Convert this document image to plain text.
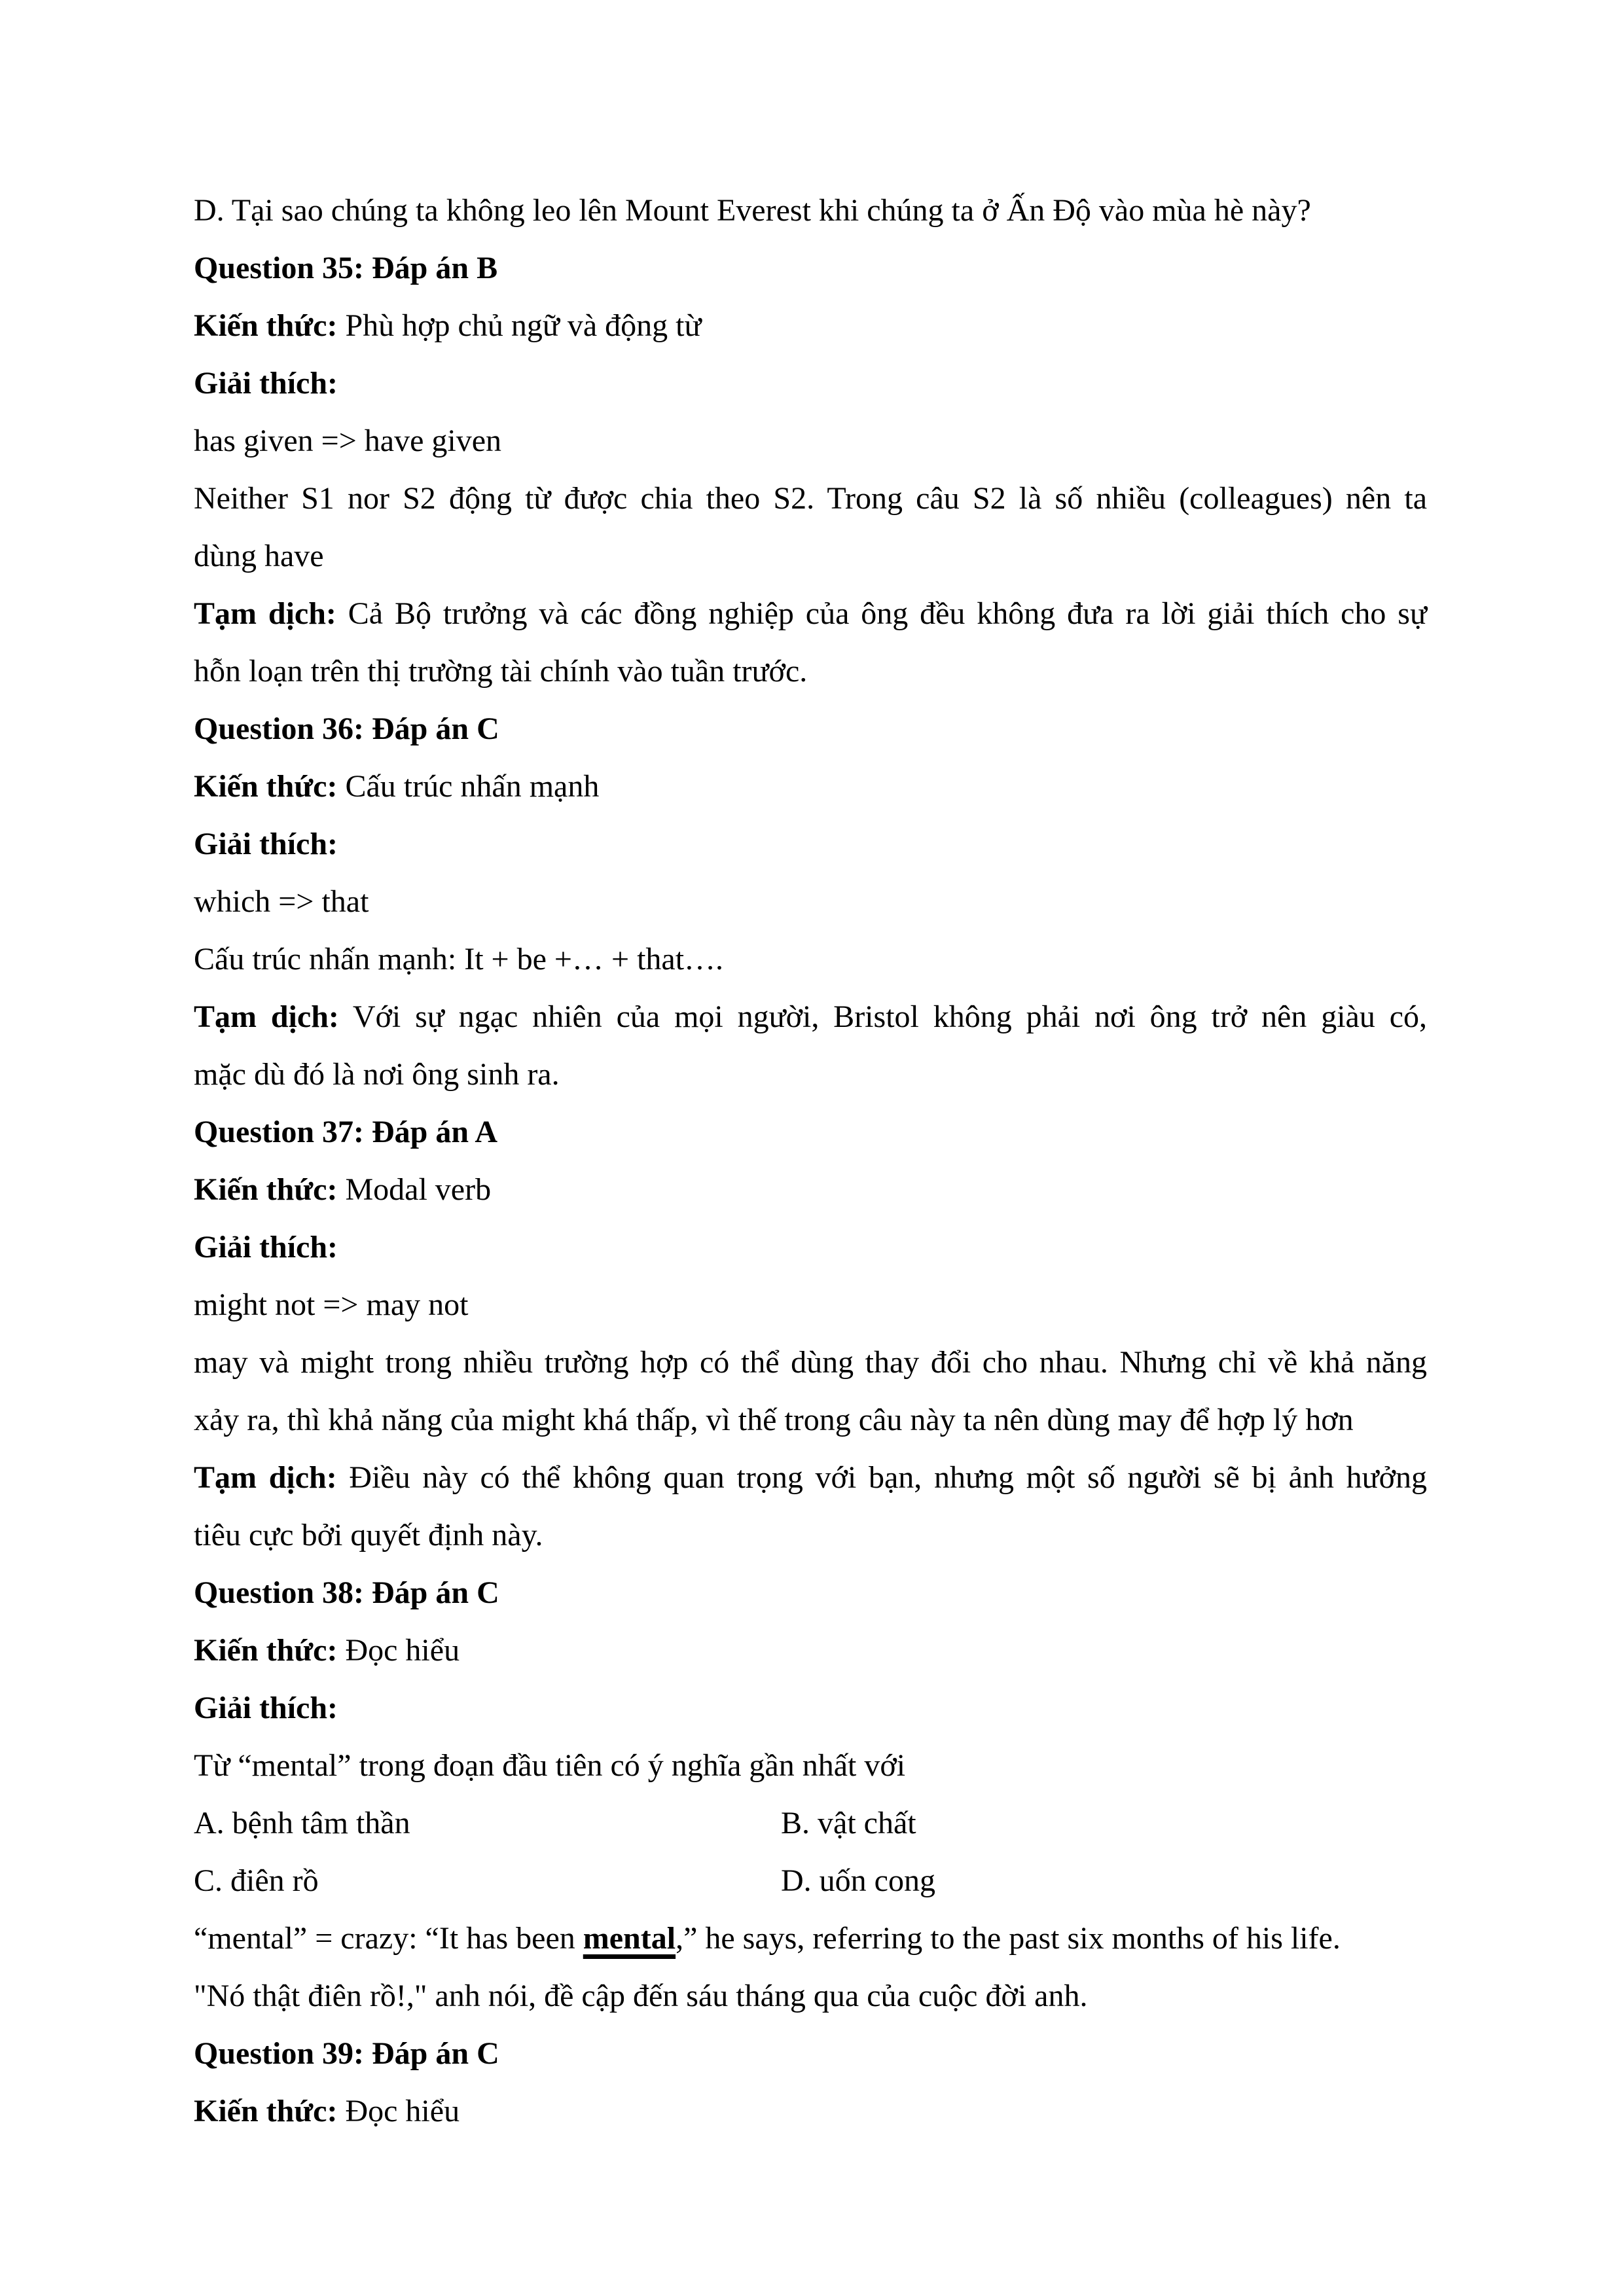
D. Tại sao chúng ta không leo lên Mount Everest khi chúng ta ở Ấn Độ vào mùa hè này?
Question 35: Đáp án B
Kiến thức: Phù hợp chủ ngữ và động từ
Giải thích:
has given => have given
Neither S1 nor S2 động từ được chia theo S2. Trong câu S2 là số nhiều (colleagues) nên ta
dùng have
Tạm dịch: Cả Bộ trưởng và các đồng nghiệp của ông đều không đưa ra lời giải thích cho sự
hỗn loạn trên thị trường tài chính vào tuần trước.
Question 36: Đáp án C
Kiến thức: Cấu trúc nhấn mạnh
Giải thích:
which => that
Cấu trúc nhấn mạnh: It + be +… + that….
Tạm dịch: Với sự ngạc nhiên của mọi người, Bristol không phải nơi ông trở nên giàu có,
mặc dù đó là nơi ông sinh ra.
Question 37: Đáp án A
Kiến thức: Modal verb
Giải thích:
might not => may not
may và might trong nhiều trường hợp có thể dùng thay đổi cho nhau. Nhưng chỉ về khả năng
xảy ra, thì khả năng của might khá thấp, vì thế trong câu này ta nên dùng may để hợp lý hơn
Tạm dịch: Điều này có thể không quan trọng với bạn, nhưng một số người sẽ bị ảnh hưởng
tiêu cực bởi quyết định này.
Question 38: Đáp án C
Kiến thức: Đọc hiểu
Giải thích:
Từ “mental” trong đoạn đầu tiên có ý nghĩa gần nhất với
A. bệnh tâm thần	B. vật chất
C. điên rồ	D. uốn cong
“mental” = crazy: “It has been mental,” he says, referring to the past six months of his life.
"Nó thật điên rồ!," anh nói, đề cập đến sáu tháng qua của cuộc đời anh.
Question 39: Đáp án C
Kiến thức: Đọc hiểu
